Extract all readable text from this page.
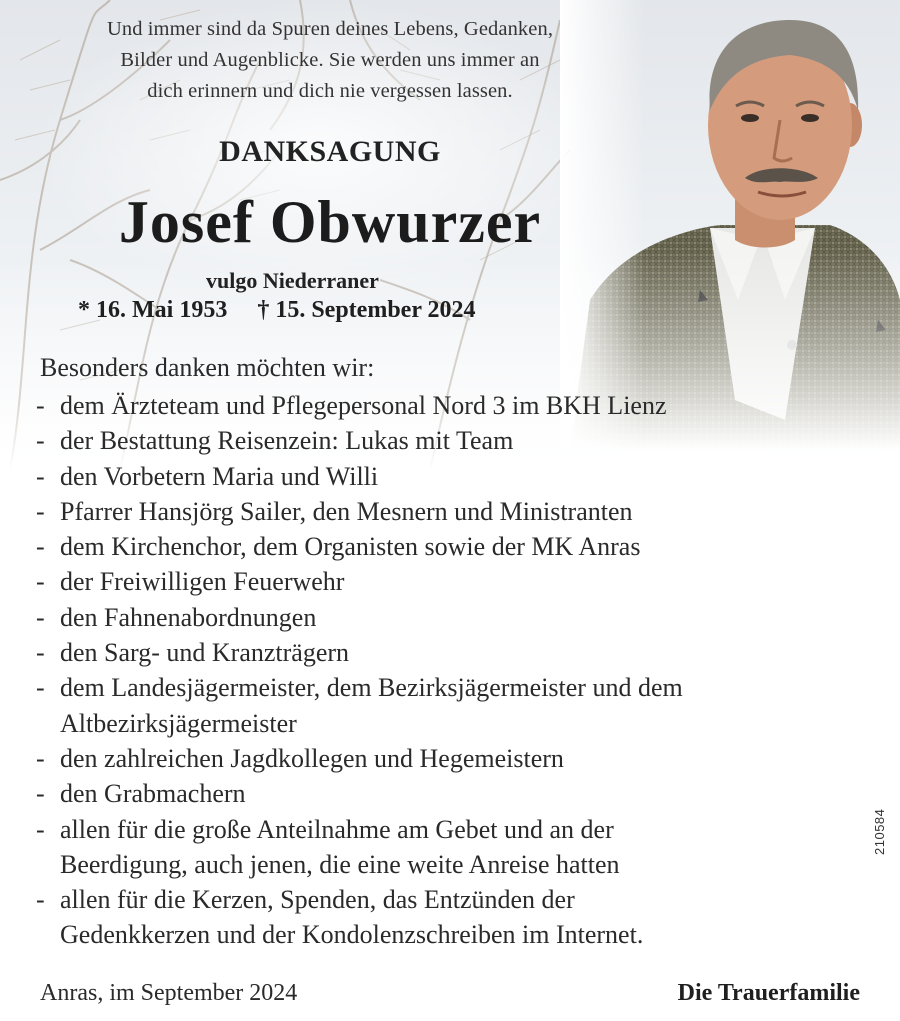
Und immer sind da Spuren deines Lebens, Gedanken,
Bilder und Augenblicke. Sie werden uns immer an
dich erinnern und dich nie vergessen lassen.
DANKSAGUNG
Josef Obwurzer
vulgo Niederraner
* 16. Mai 1953 † 15. September 2024
Besonders danken möchten wir:
- dem Ärzteteam und Pflegepersonal Nord 3 im BKH Lienz
- der Bestattung Reisenzein: Lukas mit Team
- den Vorbetern Maria und Willi
- Pfarrer Hansjörg Sailer, den Mesnern und Ministranten
- dem Kirchenchor, dem Organisten sowie der MK Anras
- der Freiwilligen Feuerwehr
- den Fahnenabordnungen
- den Sarg- und Kranzträgern
- dem Landesjägermeister, dem Bezirksjägermeister und dem
Altbezirksjägermeister
- den zahlreichen Jagdkollegen und Hegemeistern
- den Grabmachern
- allen für die große Anteilnahme am Gebet und an der
Beerdigung, auch jenen, die eine weite Anreise hatten
- allen für die Kerzen, Spenden, das Entzünden der
Gedenkkerzen und der Kondolenzschreiben im Internet.
Anras, im September 2024	Die Trauerfamilie
210584
